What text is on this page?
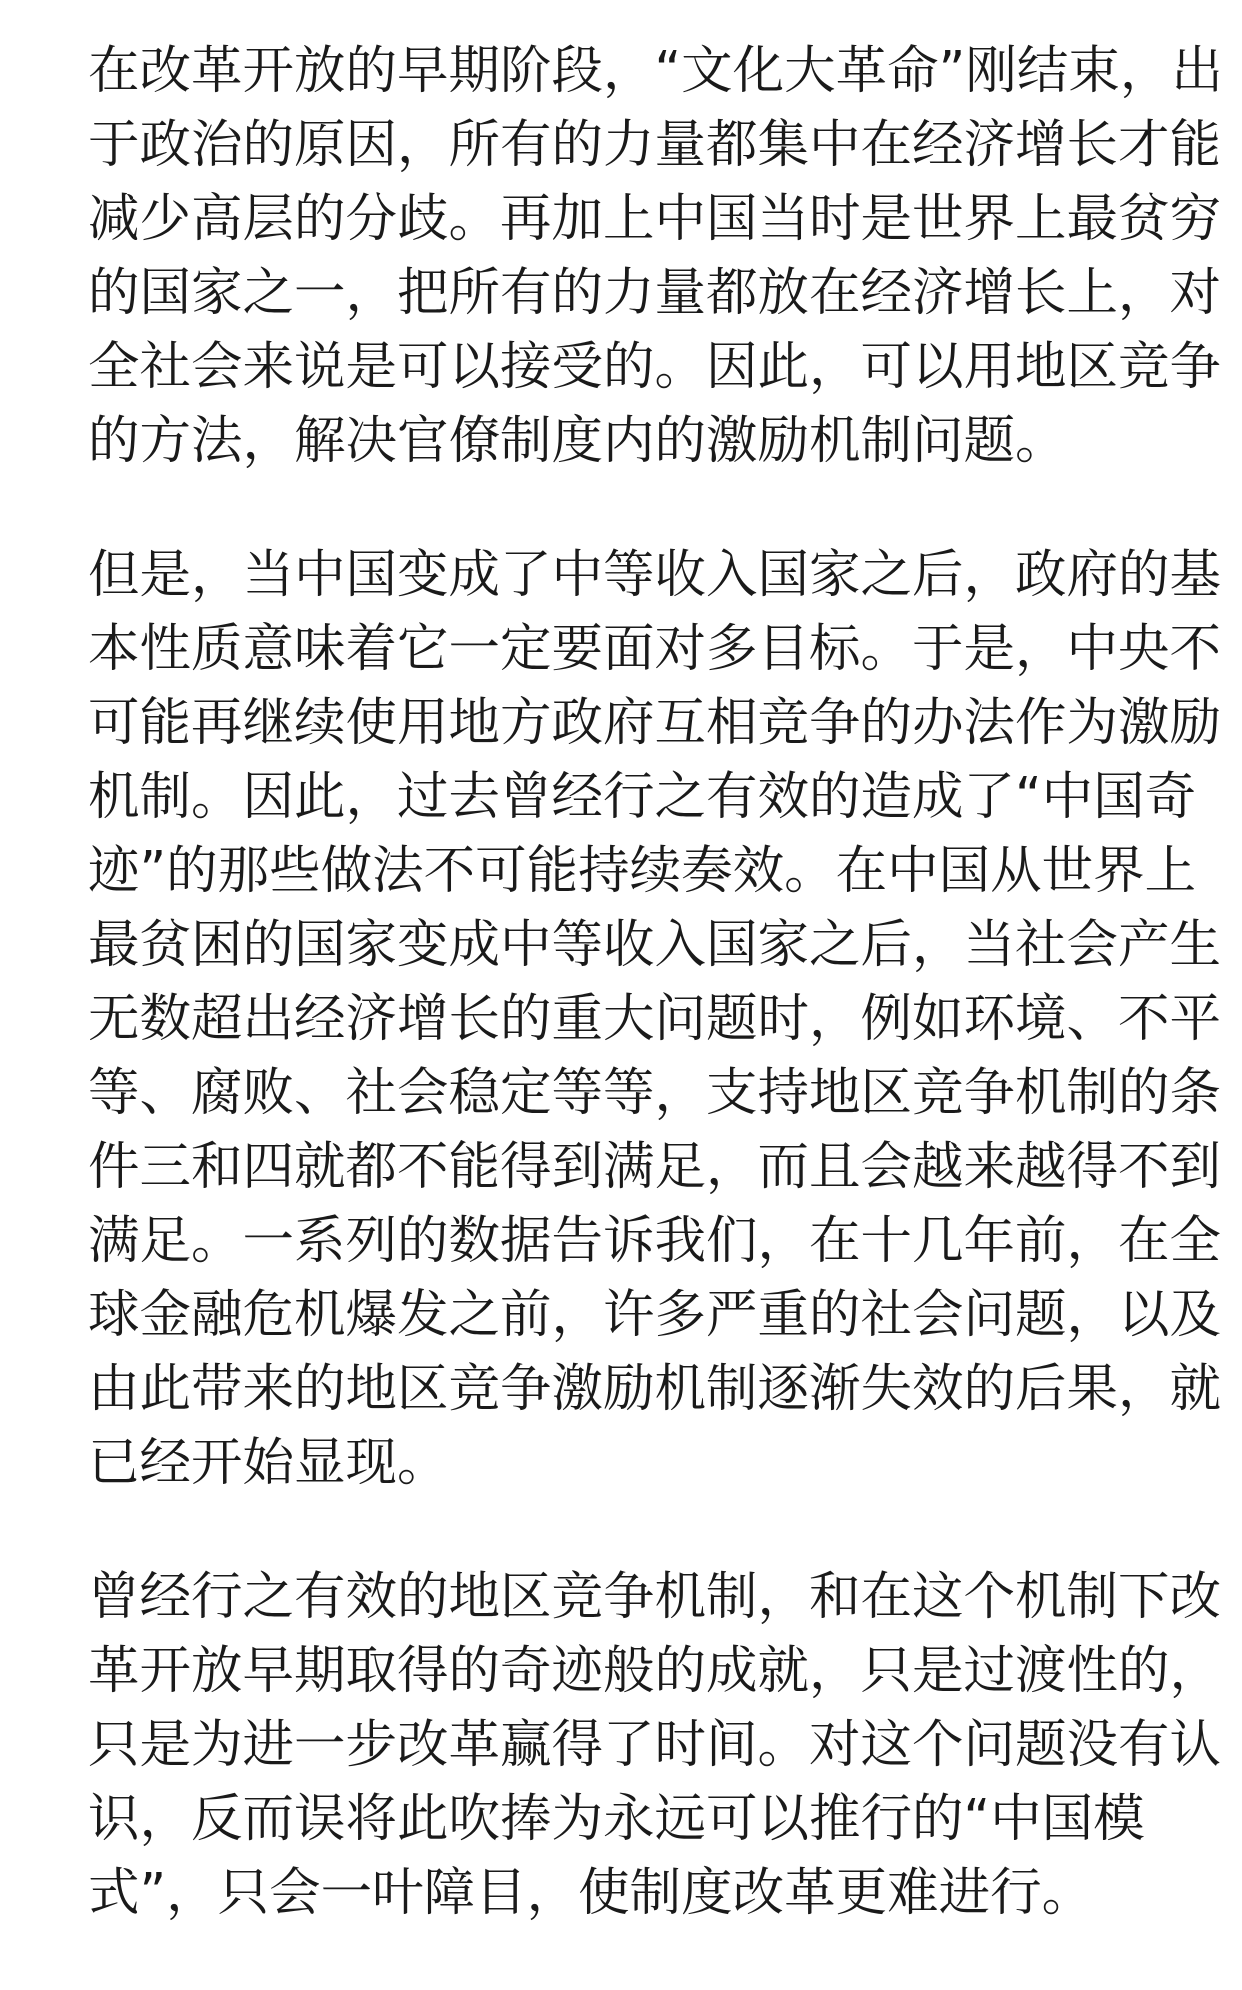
在改革开放的早期阶段，“文化大革命”刚结束，出
于政治的原因，所有的力量都集中在经济增长才能
减少高层的分歧。再加上中国当时是世界上最贫穷
的国家之一，把所有的力量都放在经济增长上，对
全社会来说是可以接受的。因此，可以用地区竞争
的方法，解决官僚制度内的激励机制问题。
但是，当中国变成了中等收入国家之后，政府的基
本性质意味着它一定要面对多目标。于是，中央不
可能再继续使用地方政府互相竞争的办法作为激励
机制。因此，过去曾经行之有效的造成了“中国奇
迹”的那些做法不可能持续奏效。在中国从世界上
最贫困的国家变成中等收入国家之后，当社会产生
无数超出经济增长的重大问题时，例如环境、不平
等、腐败、社会稳定等等，支持地区竞争机制的条
件三和四就都不能得到满足，而且会越来越得不到
满足。一系列的数据告诉我们，在十几年前，在全
球金融危机爆发之前，许多严重的社会问题，以及
由此带来的地区竞争激励机制逐渐失效的后果，就
已经开始显现。
曾经行之有效的地区竞争机制，和在这个机制下改
革开放早期取得的奇迹般的成就，只是过渡性的，
只是为进一步改革赢得了时间。对这个问题没有认
识，反而误将此吹捧为永远可以推行的“中国模
式”，只会一叶障目，使制度改革更难进行。
